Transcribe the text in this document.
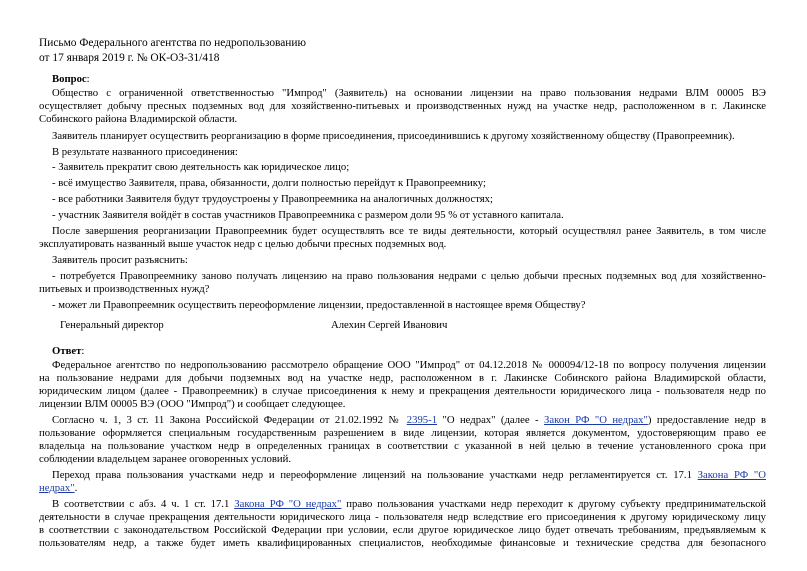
Письмо Федерального агентства по недропользованию
от 17 января 2019 г. № ОК-ОЗ-31/418
Вопрос:
Общество с ограниченной ответственностью "Импрод" (Заявитель) на основании лицензии на право пользования недрами ВЛМ 00005 ВЭ
осуществляет добычу пресных подземных вод для хозяйственно-питьевых и производственных нужд на участке недр, расположенном в г. Лакинске
Собинского района Владимирской области.
Заявитель планирует осуществить реорганизацию в форме присоединения, присоединившись к другому хозяйственному обществу (Правопреемник).
В результате названного присоединения:
- Заявитель прекратит свою деятельность как юридическое лицо;
- всё имущество Заявителя, права, обязанности, долги полностью перейдут к Правопреемнику;
- все работники Заявителя будут трудоустроены у Правопреемника на аналогичных должностях;
- участник Заявителя войдёт в состав участников Правопреемника с размером доли 95 % от уставного капитала.
После завершения реорганизации Правопреемник будет осуществлять все те виды деятельности, который осуществлял ранее Заявитель, в том числе
эксплуатировать названный выше участок недр с целью добычи пресных подземных вод.
Заявитель просит разъяснить:
- потребуется Правопреемнику заново получать лицензию на право пользования недрами с целью добычи пресных подземных вод для хозяйственно-
питьевых и производственных нужд?
- может ли Правопреемник осуществить переоформление лицензии, предоставленной в настоящее время Обществу?
Генеральный директор	Алехин Сергей Иванович
Ответ:
Федеральное агентство по недропользованию рассмотрело обращение ООО "Импрод" от 04.12.2018 № 000094/12-18 по вопросу получения лицензии
на пользование недрами для добычи подземных вод на участке недр, расположенном в г. Лакинске Собинского района Владимирской области,
юридическим лицом (далее - Правопреемник) в случае присоединения к нему и прекращения деятельности юридического лица - пользователя недр по
лицензии ВЛМ 00005 ВЭ (ООО "Импрод") и сообщает следующее.
Согласно ч. 1, 3 ст. 11 Закона Российской Федерации от 21.02.1992 № 2395-1 "О недрах" (далее - Закон РФ "О недрах") предоставление недр в
пользование оформляется специальным государственным разрешением в виде лицензии, которая является документом, удостоверяющим право ее
владельца на пользование участком недр в определенных границах в соответствии с указанной в ней целью в течение установленного срока при
соблюдении владельцем заранее оговоренных условий.
Переход права пользования участками недр и переоформление лицензий на пользование участками недр регламентируется ст. 17.1 Закона РФ "О
недрах".
В соответствии с абз. 4 ч. 1 ст. 17.1 Закона РФ "О недрах" право пользования участками недр переходит к другому субъекту предпринимательской
деятельности в случае прекращения деятельности юридического лица - пользователя недр вследствие его присоединения к другому юридическому лицу
в соответствии с законодательством Российской Федерации при условии, если другое юридическое лицо будет отвечать требованиям, предъявляемым к
пользователям недр, а также будет иметь квалифицированных специалистов, необходимые финансовые и технические средства для безопасного
